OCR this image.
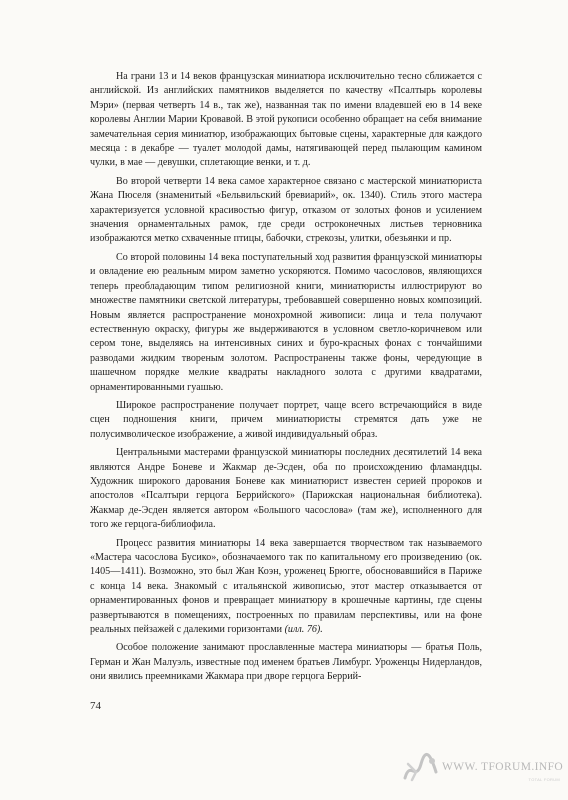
На грани 13 и 14 веков французская миниатюра исключительно тесно сближается с английской. Из английских памятников выделяется по качеству «Псалтырь королевы Мэри» (первая четверть 14 в., так же), названная так по имени владевшей ею в 14 веке королевы Англии Марии Кровавой. В этой рукописи особенно обращает на себя внимание замечательная серия миниатюр, изображающих бытовые сцены, характерные для каждого месяца : в декабре — туалет молодой дамы, натягивающей перед пылающим камином чулки, в мае — девушки, сплетающие венки, и т. д.

Во второй четверти 14 века самое характерное связано с мастерской миниатюриста Жана Пюселя (знаменитый «Бельвильский бревиарий», ок. 1340). Стиль этого мастера характеризуется условной красивостью фигур, отказом от золотых фонов и усилением значения орнаментальных рамок, где среди остроконечных листьев терновника изображаются метко схваченные птицы, бабочки, стрекозы, улитки, обезьянки и пр.

Со второй половины 14 века поступательный ход развития французской миниатюры и овладение ею реальным миром заметно ускоряются. Помимо часословов, являющихся теперь преобладающим типом религиозной книги, миниатюристы иллюстрируют во множестве памятники светской литературы, требовавшей совершенно новых композиций. Новым является распространение монохромной живописи: лица и тела получают естественную окраску, фигуры же выдерживаются в условном светло-коричневом или сером тоне, выделяясь на интенсивных синих и буро-красных фонах с тончайшими разводами жидким твореным золотом. Распространены также фоны, чередующие в шашечном порядке мелкие квадраты накладного золота с другими квадратами, орнаментированными гуашью.

Широкое распространение получает портрет, чаще всего встречающийся в виде сцен подношения книги, причем миниатюристы стремятся дать уже не полусимволическое изображение, а живой индивидуальный образ.

Центральными мастерами французской миниатюры последних десятилетий 14 века являются Андре Боневе и Жакмар де-Эсден, оба по происхождению фламандцы. Художник широкого дарования Боневе как миниатюрист известен серией пророков и апостолов «Псалтыри герцога Беррийского» (Парижская национальная библиотека). Жакмар де-Эсден является автором «Большого часослова» (там же), исполненного для того же герцога-библиофила.

Процесс развития миниатюры 14 века завершается творчеством так называемого «Мастера часослова Бусико», обозначаемого так по капитальному его произведению (ок. 1405—1411). Возможно, это был Жан Коэн, уроженец Брюгге, обосновавшийся в Париже с конца 14 века. Знакомый с итальянской живописью, этот мастер отказывается от орнаментированных фонов и превращает миниатюру в крошечные картины, где сцены развертываются в помещениях, построенных по правилам перспективы, или на фоне реальных пейзажей с далекими горизонтами (илл. 76).

Особое положение занимают прославленные мастера миниатюры — братья Поль, Герман и Жан Малуэль, известные под именем братьев Лимбург. Уроженцы Нидерландов, они явились преемниками Жакмара при дворе герцога Беррий-

74
WWW. TFORUM.INFO
TOTAL FORUM
